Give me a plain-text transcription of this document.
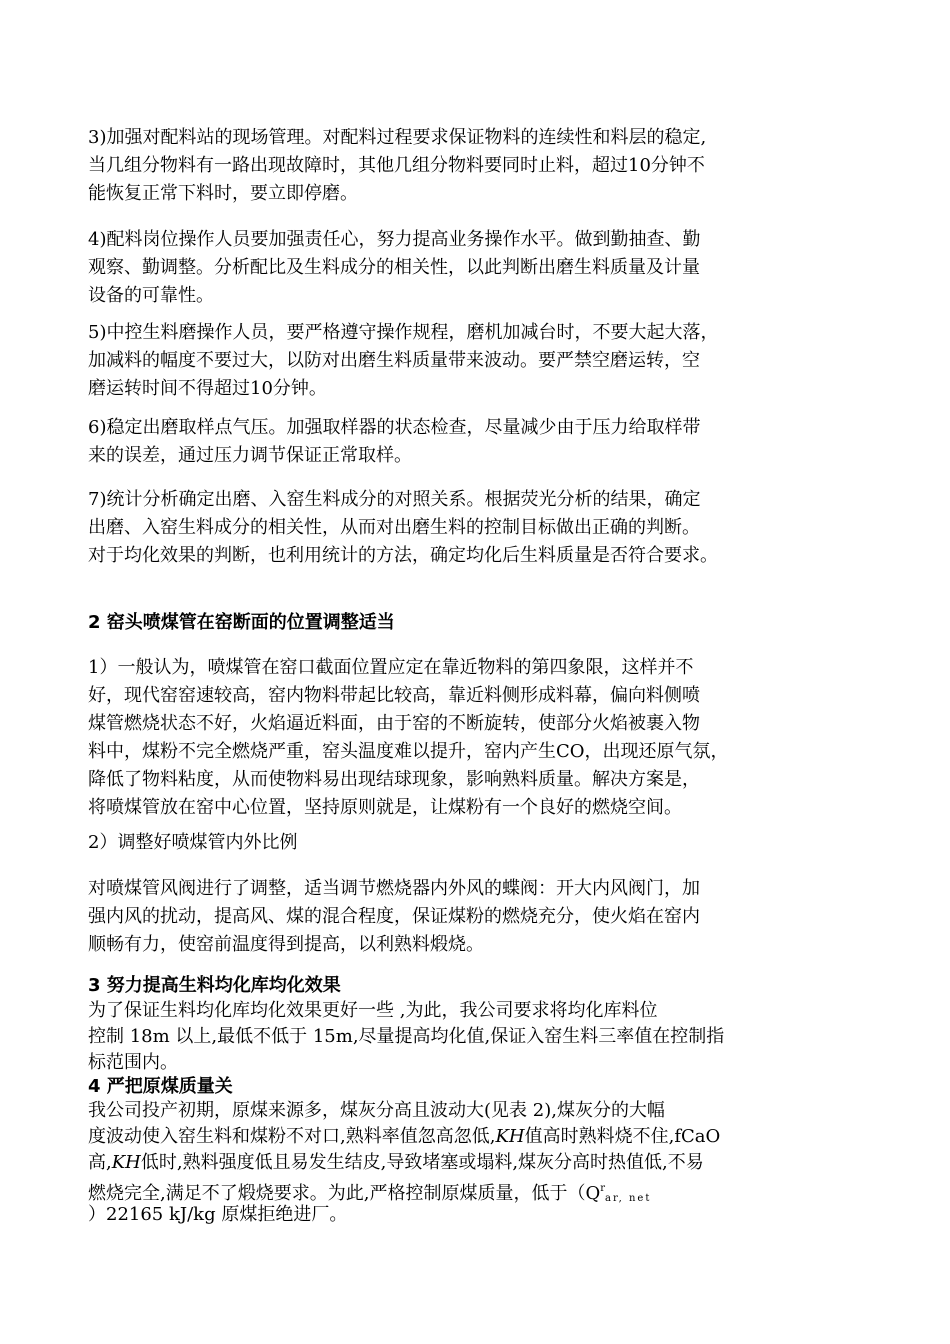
3)加强对配料站的现场管理。对配料过程要求保证物料的连续性和料层的稳定,
当几组分物料有一路出现故障时，其他几组分物料要同时止料，超过10分钟不
能恢复正常下料时，要立即停磨。
4)配料岗位操作人员要加强责任心，努力提高业务操作水平。做到勤抽查、勤
观察、勤调整。分析配比及生料成分的相关性，以此判断出磨生料质量及计量
设备的可靠性。
5)中控生料磨操作人员，要严格遵守操作规程，磨机加减台时，不要大起大落，
加减料的幅度不要过大，以防对出磨生料质量带来波动。要严禁空磨运转，空
磨运转时间不得超过10分钟。
6)稳定出磨取样点气压。加强取样器的状态检查，尽量减少由于压力给取样带
来的误差，通过压力调节保证正常取样。
7)统计分析确定出磨、入窑生料成分的对照关系。根据荧光分析的结果，确定
出磨、入窑生料成分的相关性，从而对出磨生料的控制目标做出正确的判断。
对于均化效果的判断，也利用统计的方法，确定均化后生料质量是否符合要求。
2 窑头喷煤管在窑断面的位置调整适当
1）一般认为，喷煤管在窑口截面位置应定在靠近物料的第四象限，这样并不
好，现代窑窑速较高，窑内物料带起比较高，靠近料侧形成料幕，偏向料侧喷
煤管燃烧状态不好，火焰逼近料面，由于窑的不断旋转，使部分火焰被裹入物
料中，煤粉不完全燃烧严重，窑头温度难以提升，窑内产生CO，出现还原气氛，
降低了物料粘度，从而使物料易出现结球现象，影响熟料质量。解决方案是，
将喷煤管放在窑中心位置，坚持原则就是，让煤粉有一个良好的燃烧空间。
2）调整好喷煤管内外比例
对喷煤管风阀进行了调整，适当调节燃烧器内外风的蝶阀：开大内风阀门，加
强内风的扰动，提高风、煤的混合程度，保证煤粉的燃烧充分，使火焰在窑内
顺畅有力，使窑前温度得到提高，以利熟料煅烧。
3 努力提高生料均化库均化效果
为了保证生料均化库均化效果更好一些 ,为此，我公司要求将均化库料位
控制 18m 以上,最低不低于 15m,尽量提高均化值,保证入窑生料三率值在控制指
标范围内。
4 严把原煤质量关
我公司投产初期，原煤来源多，煤灰分高且波动大(见表 2),煤灰分的大幅
度波动使入窑生料和煤粉不对口,熟料率值忽高忽低,KH值高时熟料烧不住,fCaO
高,KH低时,熟料强度低且易发生结皮,导致堵塞或塌料,煤灰分高时热值低,不易
燃烧完全,满足不了煅烧要求。为此,严格控制原煤质量，低于（$Q^r_{ar, net}$
）22165 kJ/kg 原煤拒绝进厂。
